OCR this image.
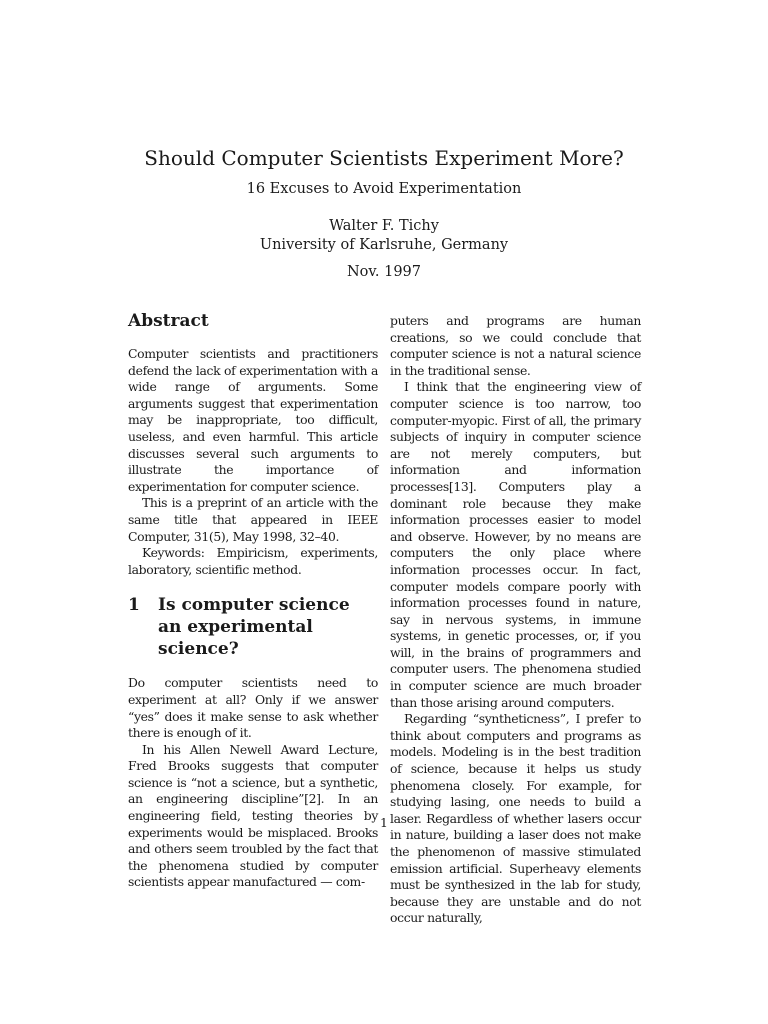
Should Computer Scientists Experiment More?
16 Excuses to Avoid Experimentation
Walter F. Tichy
University of Karlsruhe, Germany
Nov. 1997
Abstract

Computer scientists and practitioners defend the lack of experimentation with a wide range of arguments. Some arguments suggest that experimentation may be inappropriate, too difficult, useless, and even harmful. This article discusses several such arguments to illustrate the importance of experimentation for computer science.

This is a preprint of an article with the same title that appeared in IEEE Computer, 31(5), May 1998, 32–40.

Keywords: Empiricism, experiments, laboratory, scientific method.

1	Is computer science an experimental science?

Do computer scientists need to experiment at all? Only if we answer “yes” does it make sense to ask whether there is enough of it.

In his Allen Newell Award Lecture, Fred Brooks suggests that computer science is “not a science, but a synthetic, an engineering discipline”[2]. In an engineering field, testing theories by experiments would be misplaced. Brooks and others seem troubled by the fact that the phenomena studied by computer scientists appear manufactured — com-

puters and programs are human creations, so we could conclude that computer science is not a natural science in the traditional sense.

I think that the engineering view of computer science is too narrow, too computer-myopic. First of all, the primary subjects of inquiry in computer science are not merely computers, but information and information processes[13]. Computers play a dominant role because they make information processes easier to model and observe. However, by no means are computers the only place where information processes occur. In fact, computer models compare poorly with information processes found in nature, say in nervous systems, in immune systems, in genetic processes, or, if you will, in the brains of programmers and computer users. The phenomena studied in computer science are much broader than those arising around computers.

Regarding “syntheticness”, I prefer to think about computers and programs as models. Modeling is in the best tradition of science, because it helps us study phenomena closely. For example, for studying lasing, one needs to build a laser. Regardless of whether lasers occur in nature, building a laser does not make the phenomenon of massive stimulated emission artificial. Superheavy elements must be synthesized in the lab for study, because they are unstable and do not occur naturally,

1
